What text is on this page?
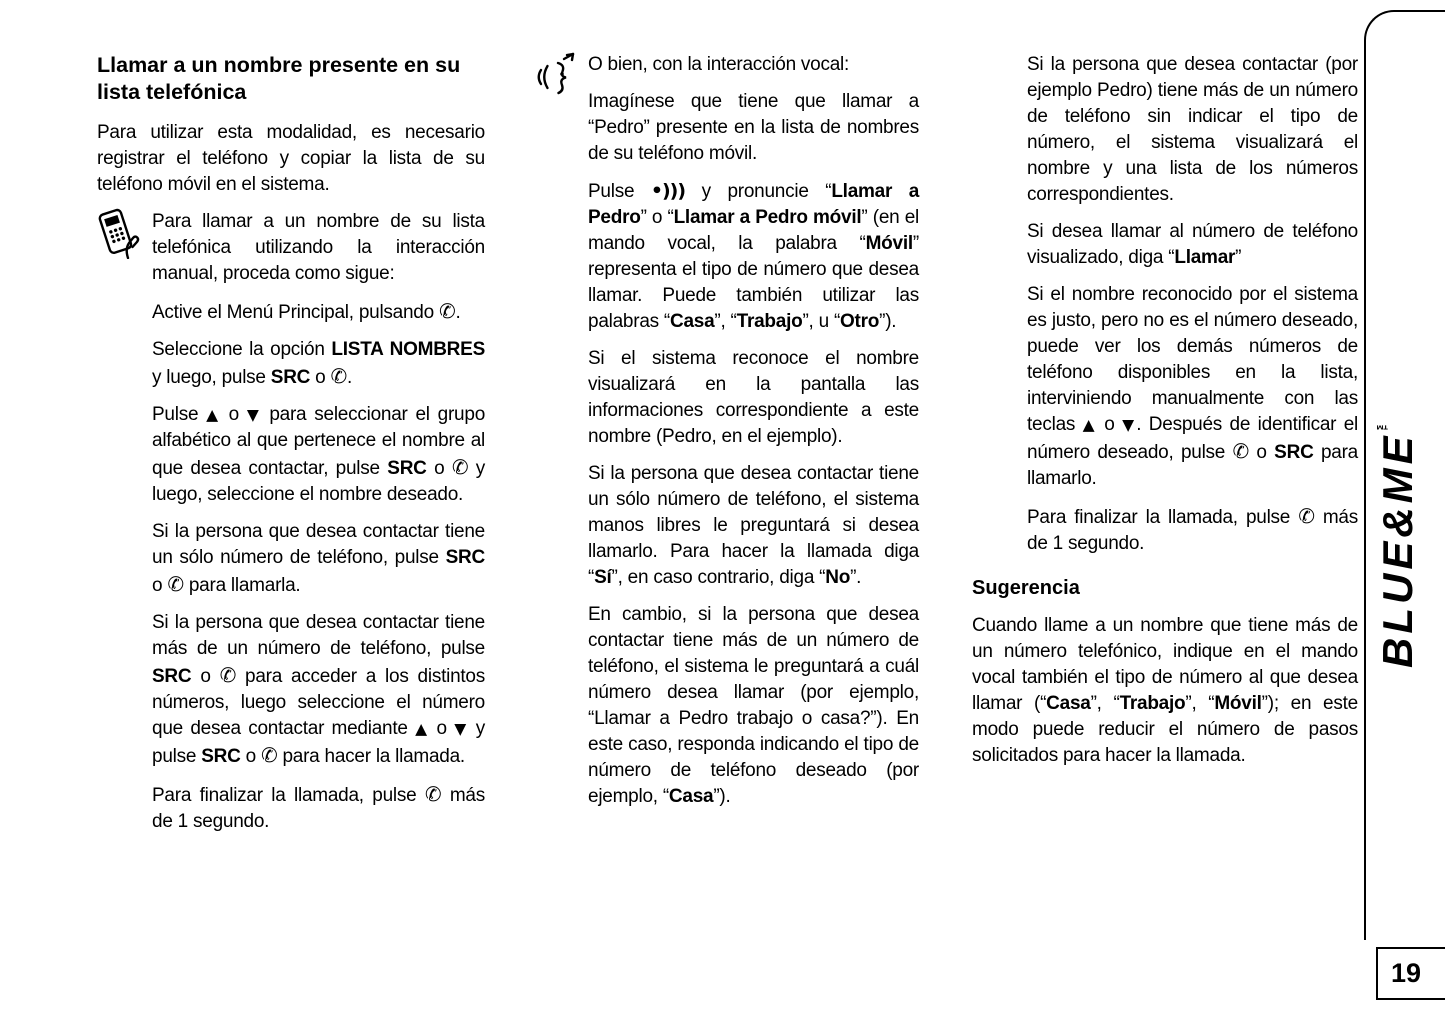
Llamar a un nombre presente en su lista telefónica
Para utilizar esta modalidad, es necesario registrar el teléfono y copiar la lista de su teléfono móvil en el sistema.
Para llamar a un nombre de su lista telefónica utilizando la interacción manual, proceda como sigue:
Active el Menú Principal, pulsando ✆.
Seleccione la opción LISTA NOMBRES y luego, pulse SRC o ✆.
Pulse ▲ o ▼ para seleccionar el grupo alfabético al que pertenece el nombre al que desea contactar, pulse SRC o ✆ y luego, seleccione el nombre deseado.
Si la persona que desea contactar tiene un sólo número de teléfono, pulse SRC o ✆ para llamarla.
Si la persona que desea contactar tiene más de un número de teléfono, pulse SRC o ✆ para acceder a los distintos números, luego seleccione el número que desea contactar mediante ▲ o ▼ y pulse SRC o ✆ para hacer la llamada.
Para finalizar la llamada, pulse ✆ más de 1 segundo.
O bien, con la interacción vocal:
Imagínese que tiene que llamar a “Pedro” presente en la lista de nombres de su teléfono móvil.
Pulse •))) y pronuncie “Llamar a Pedro” o “Llamar a Pedro móvil” (en el mando vocal, la palabra “Móvil” representa el tipo de número que desea llamar. Puede también utilizar las palabras “Casa”, “Trabajo”, u “Otro”).
Si el sistema reconoce el nombre visualizará en la pantalla las informaciones correspondiente a este nombre (Pedro, en el ejemplo).
Si la persona que desea contactar tiene un sólo número de teléfono, el sistema manos libres le preguntará si desea llamarlo. Para hacer la llamada diga “Sí”, en caso contrario, diga “No”.
En cambio, si la persona que desea contactar tiene más de un número de teléfono, el sistema le preguntará a cuál número desea llamar (por ejemplo, “Llamar a Pedro trabajo o casa?”). En este caso, responda indicando el tipo de número de teléfono deseado (por ejemplo, “Casa”).
Si la persona que desea contactar (por ejemplo Pedro) tiene más de un número de teléfono sin indicar el tipo de número, el sistema visualizará el nombre y una lista de los números correspondientes.
Si desea llamar al número de teléfono visualizado, diga “Llamar”
Si el nombre reconocido por el sistema es justo, pero no es el número deseado, puede ver los demás números de teléfono disponibles en la lista, interviniendo manualmente con las teclas ▲ o ▼. Después de identificar el número deseado, pulse ✆ o SRC para llamarlo.
Para finalizar la llamada, pulse ✆ más de 1 segundo.
Sugerencia
Cuando llame a un nombre que tiene más de un número telefónico, indique en el mando vocal también el tipo de número al que desea llamar (“Casa”, “Trabajo”, “Móvil”); en este modo puede reducir el número de pasos solicitados para hacer la llamada.
BLUE&ME™
19
